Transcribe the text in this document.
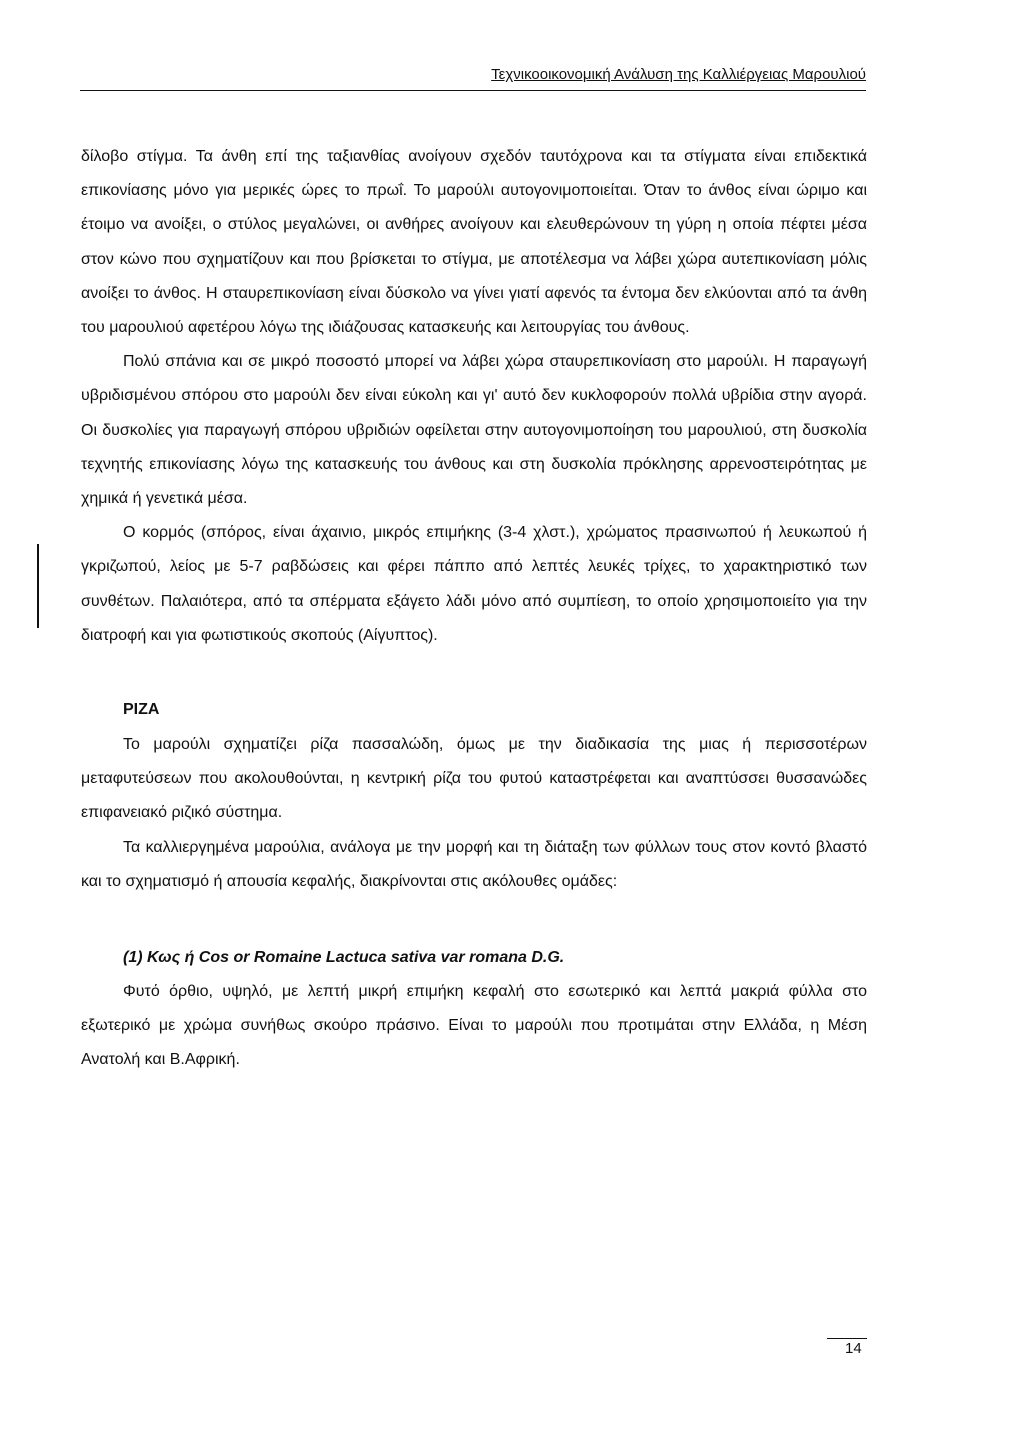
Τεχνικοοικονομική Ανάλυση της Καλλιέργειας Μαρουλιού

δίλοβο στίγμα. Τα άνθη επί της ταξιανθίας ανοίγουν σχεδόν ταυτόχρονα και τα στίγματα είναι επιδεκτικά επικονίασης μόνο για μερικές ώρες το πρωΐ. Το μαρούλι αυτογονιμοποιείται. Όταν το άνθος είναι ώριμο και έτοιμο να ανοίξει, ο στύλος μεγαλώνει, οι ανθήρες ανοίγουν και ελευθερώνουν τη γύρη η οποία πέφτει μέσα στον κώνο που σχηματίζουν και που βρίσκεται το στίγμα, με αποτέλεσμα να λάβει χώρα αυτεπικονίαση μόλις ανοίξει το άνθος. Η σταυρεπικονίαση είναι δύσκολο να γίνει γιατί αφενός τα έντομα δεν ελκύονται από τα άνθη του μαρουλιού αφετέρου λόγω της ιδιάζουσας κατασκευής και λειτουργίας του άνθους.

Πολύ σπάνια και σε μικρό ποσοστό μπορεί να λάβει χώρα σταυρεπικονίαση στο μαρούλι. Η παραγωγή υβριδισμένου σπόρου στο μαρούλι δεν είναι εύκολη και γι' αυτό δεν κυκλοφορούν πολλά υβρίδια στην αγορά. Οι δυσκολίες για παραγωγή σπόρου υβριδιών οφείλεται στην αυτογονιμοποίηση του μαρουλιού, στη δυσκολία τεχνητής επικονίασης λόγω της κατασκευής του άνθους και στη δυσκολία πρόκλησης αρρενοστειρότητας με χημικά ή γενετικά μέσα.

Ο κορμός (σπόρος, είναι άχαινιο, μικρός επιμήκης (3-4 χλστ.), χρώματος πρασινωπού ή λευκωπού ή γκριζωπού, λείος με 5-7 ραβδώσεις και φέρει πάππο από λεπτές λευκές τρίχες, το χαρακτηριστικό των συνθέτων. Παλαιότερα, από τα σπέρματα εξάγετο λάδι μόνο από συμπίεση, το οποίο χρησιμοποιείτο για την διατροφή και για φωτιστικούς σκοπούς (Αίγυπτος).

ΡΙΖΑ

Το μαρούλι σχηματίζει ρίζα πασσαλώδη, όμως με την διαδικασία της μιας ή περισσοτέρων μεταφυτεύσεων που ακολουθούνται, η κεντρική ρίζα του φυτού καταστρέφεται και αναπτύσσει θυσσανώδες επιφανειακό ριζικό σύστημα.

Τα καλλιεργημένα μαρούλια, ανάλογα με την μορφή και τη διάταξη των φύλλων τους στον κοντό βλαστό και το σχηματισμό ή απουσία κεφαλής, διακρίνονται στις ακόλουθες ομάδες:

(1) Κως ή Cos or Romaine Lactuca sativa var romana D.G.

Φυτό όρθιο, υψηλό, με λεπτή μικρή επιμήκη κεφαλή στο εσωτερικό και λεπτά μακριά φύλλα στο εξωτερικό με χρώμα συνήθως σκούρο πράσινο. Είναι το μαρούλι που προτιμάται στην Ελλάδα, η Μέση Ανατολή και Β.Αφρική.

14
